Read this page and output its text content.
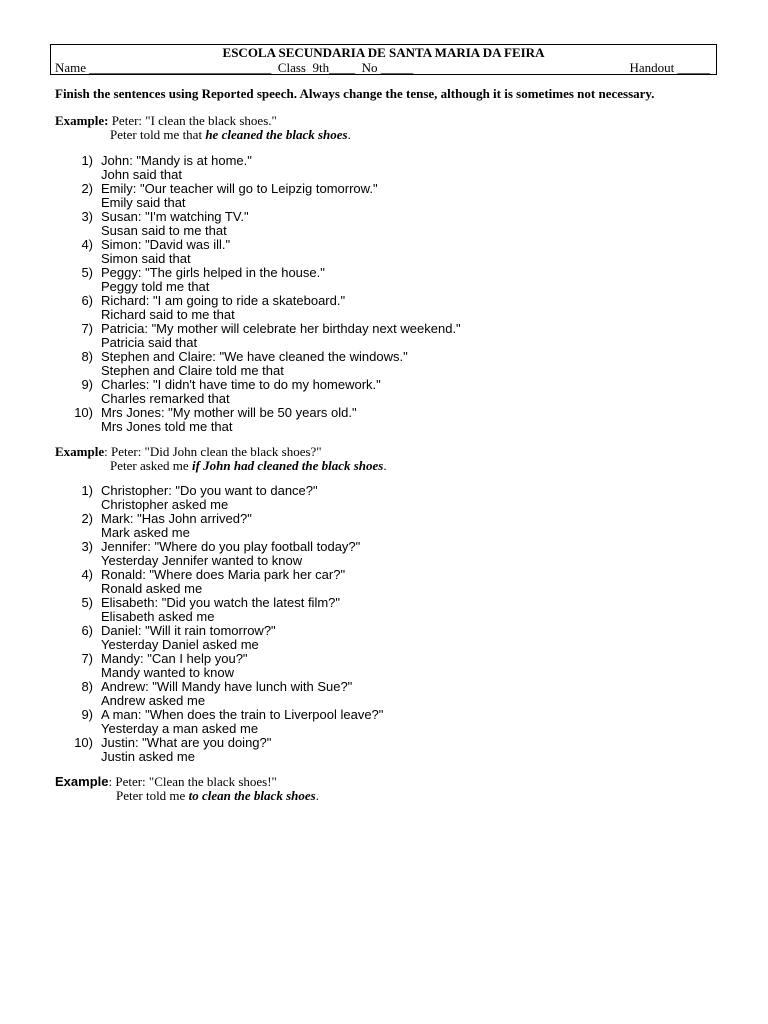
ESCOLA SECUNDARIA DE SANTA MARIA DA FEIRA
Name ____________________________  Class  9th____  No _____	Handout _____
Finish the sentences using Reported speech. Always change the tense, although it is sometimes not necessary.
Example: Peter: "I clean the black shoes."
Peter told me that he cleaned the black shoes.
1) John: "Mandy is at home."
John said that
2) Emily: "Our teacher will go to Leipzig tomorrow."
Emily said that
3) Susan: "I'm watching TV."
Susan said to me that
4) Simon: "David was ill."
Simon said that
5) Peggy: "The girls helped in the house."
Peggy told me that
6) Richard: "I am going to ride a skateboard."
Richard said to me that
7) Patricia: "My mother will celebrate her birthday next weekend."
Patricia said that
8) Stephen and Claire: "We have cleaned the windows."
Stephen and Claire told me that
9) Charles: "I didn't have time to do my homework."
Charles remarked that
10) Mrs Jones: "My mother will be 50 years old."
Mrs Jones told me that
Example: Peter: "Did John clean the black shoes?"
Peter asked me if John had cleaned the black shoes.
1) Christopher: "Do you want to dance?"
Christopher asked me
2) Mark: "Has John arrived?"
Mark asked me
3) Jennifer: "Where do you play football today?"
Yesterday Jennifer wanted to know
4) Ronald: "Where does Maria park her car?"
Ronald asked me
5) Elisabeth: "Did you watch the latest film?"
Elisabeth asked me
6) Daniel: "Will it rain tomorrow?"
Yesterday Daniel asked me
7) Mandy: "Can I help you?"
Mandy wanted to know
8) Andrew: "Will Mandy have lunch with Sue?"
Andrew asked me
9) A man: "When does the train to Liverpool leave?"
Yesterday a man asked me
10) Justin: "What are you doing?"
Justin asked me
Example: Peter: "Clean the black shoes!"
Peter told me to clean the black shoes.
